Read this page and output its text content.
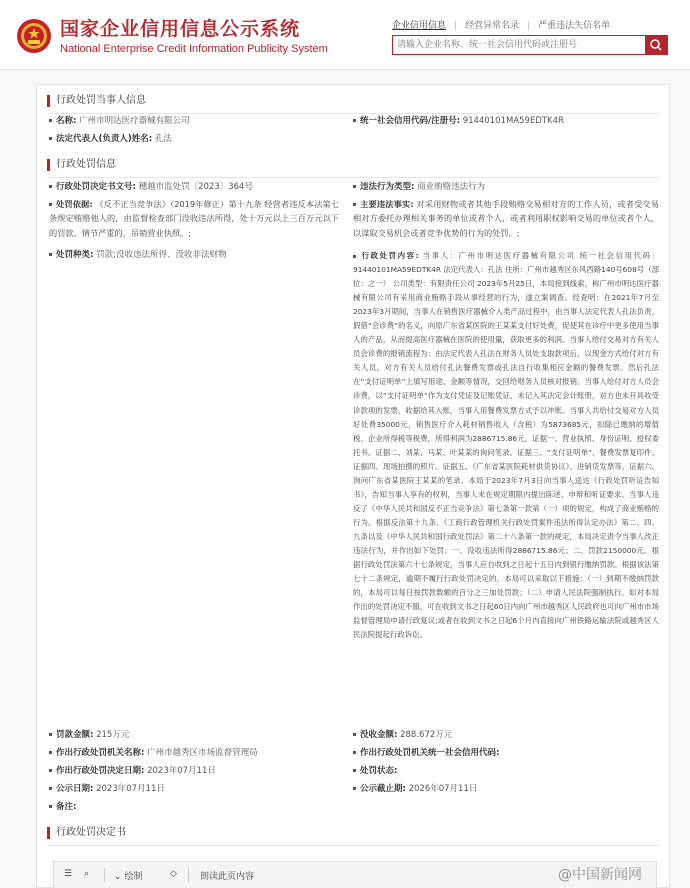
国家企业信用信息公示系统
National Enterprise Credit Information Publicity System
企业信用信息 | 经营异常名录 | 严重违法失信名单
请输入企业名称、统一社会信用代码或注册号
行政处罚当事人信息
名称: 广州市明达医疗器械有限公司	统一社会信用代码/注册号: 91440101MA59EDTK4R
法定代表人(负责人)姓名: 孔法
行政处罚信息
行政处罚决定书文号: 穗越市监处罚〔2023〕364号	违法行为类型: 商业贿赂违法行为
处罚依据: 《反不正当竞争法》（2019年修正）第十九条 经营者违反本法第七条规定贿赂他人的，由监督检查部门没收违法所得，处十万元以上三百万元以下的罚款。情节严重的，吊销营业执照。;
主要违法事实: 对采用财物或者其他手段贿赂交易相对方的工作人员，或者受交易相对方委托办理相关事务的单位或者个人，或者利用职权影响交易的单位或者个人，以谋取交易机会或者竞争优势的行为的处罚。;
处罚种类: 罚款;没收违法所得、没收非法财物	行政处罚内容: 当事人：广州市明达医疗器械有限公司 统一社会信用代码：91440101MA59EDTK4R 法定代表人：孔法 住所：广州市越秀区东风西路140号608号（部位：之一） 公司类型：有限责任公司 2023年5月25日，本局接到线索，称广州市明达医疗器械有限公司有采用商业贿赂手段从事经营的行为，遂立案调查。经查明：在2021年7月至2023年3月期间，当事人在销售医疗器械介入类产品过程中，由当事人法定代表人孔法负责，假借“会诊费”的名义，向原广东省某医院的王某某支付好处费，促使其在诊疗中更多使用当事人的产品，从而提高医疗器械在医院的使用量，获取更多的利润。当事人给付交易对方有关人员会诊费的报销流程为：由法定代表人孔法在财务人员处支取款项后，以现金方式给付对方有关人员，对方有关人员给付孔法餐费发票或孔法自行收集相应金额的餐费发票。然后孔法在“支付证明单”上填写用途、金额等情况，交回给财务人员核对报销。当事人给付对方人员会诊费，以“支付证明单”作为支付凭证及记账凭证，未记入其法定会计账册，对方也未开具收受诊款项的发票、收据给其入账，当事人用餐费发票方式予以冲账。当事人共给付交易对方人员好处费35000元，销售医疗介入耗材销售收入（含税）为5873685元，扣除已缴纳的增值税、企业所得税等税费，所得利润为2886715.86元。证据一、营业执照、身份证明、授权委托书。证据二、刘某、马某、叶某某的询问笔录。证据三、“支付证明单”、餐费发票复印件。证据四、现场拍摄的照片。证据五、《广东省某医院耗材供货协议》、进销货发票等。证据六、询问广东省某医院王某某的笔录。本局于2023年7月3日向当事人送达《行政处罚听证告知书》，告知当事人享有的权利，当事人未在规定期限内提出陈述、申辩和听证要求。当事人违反了《中华人民共和国反不正当竞争法》第七条第一款第（一）项的规定，构成了商业贿赂的行为。根据反法第十九条、《工商行政管理机关行政处罚案件违法所得认定办法》第二、四、九条以及《中华人民共和国行政处罚法》第二十八条第一款的规定，本局决定责令当事人改正违法行为，并作出如下处罚：一、没收违法所得2886715.86元；二、罚款2150000元。根据行政处罚法第六十七条规定，当事人应自收到之日起十五日内到银行缴纳罚款。根据该法第七十二条规定，逾期不履行行政处罚决定的，本局可以采取以下措施：（一）到期不缴纳罚款的，本局可以每日按罚款数额的百分之三加处罚款；（二）申请人民法院强制执行。如对本局作出的处罚决定不服，可在收到文书之日起60日内向广州市越秀区人民政府也可向广州市市场监督管理局申请行政复议;或者在收到文书之日起6个月内直接向广州铁路运输法院或越秀区人民法院提起行政诉讼。
罚款金额: 215万元	没收金额: 288.672万元
作出行政处罚机关名称: 广州市越秀区市场监督管理局	作出行政处罚机关统一社会信用代码:
作出行政处罚决定日期: 2023年07月11日	处罚状态:
公示日期: 2023年07月11日	公示截止期: 2026年07月11日
备注:
行政处罚决定书
☰ ⌕	⌄ 绘制	◇	朗读此页内容	@中国新闻网
